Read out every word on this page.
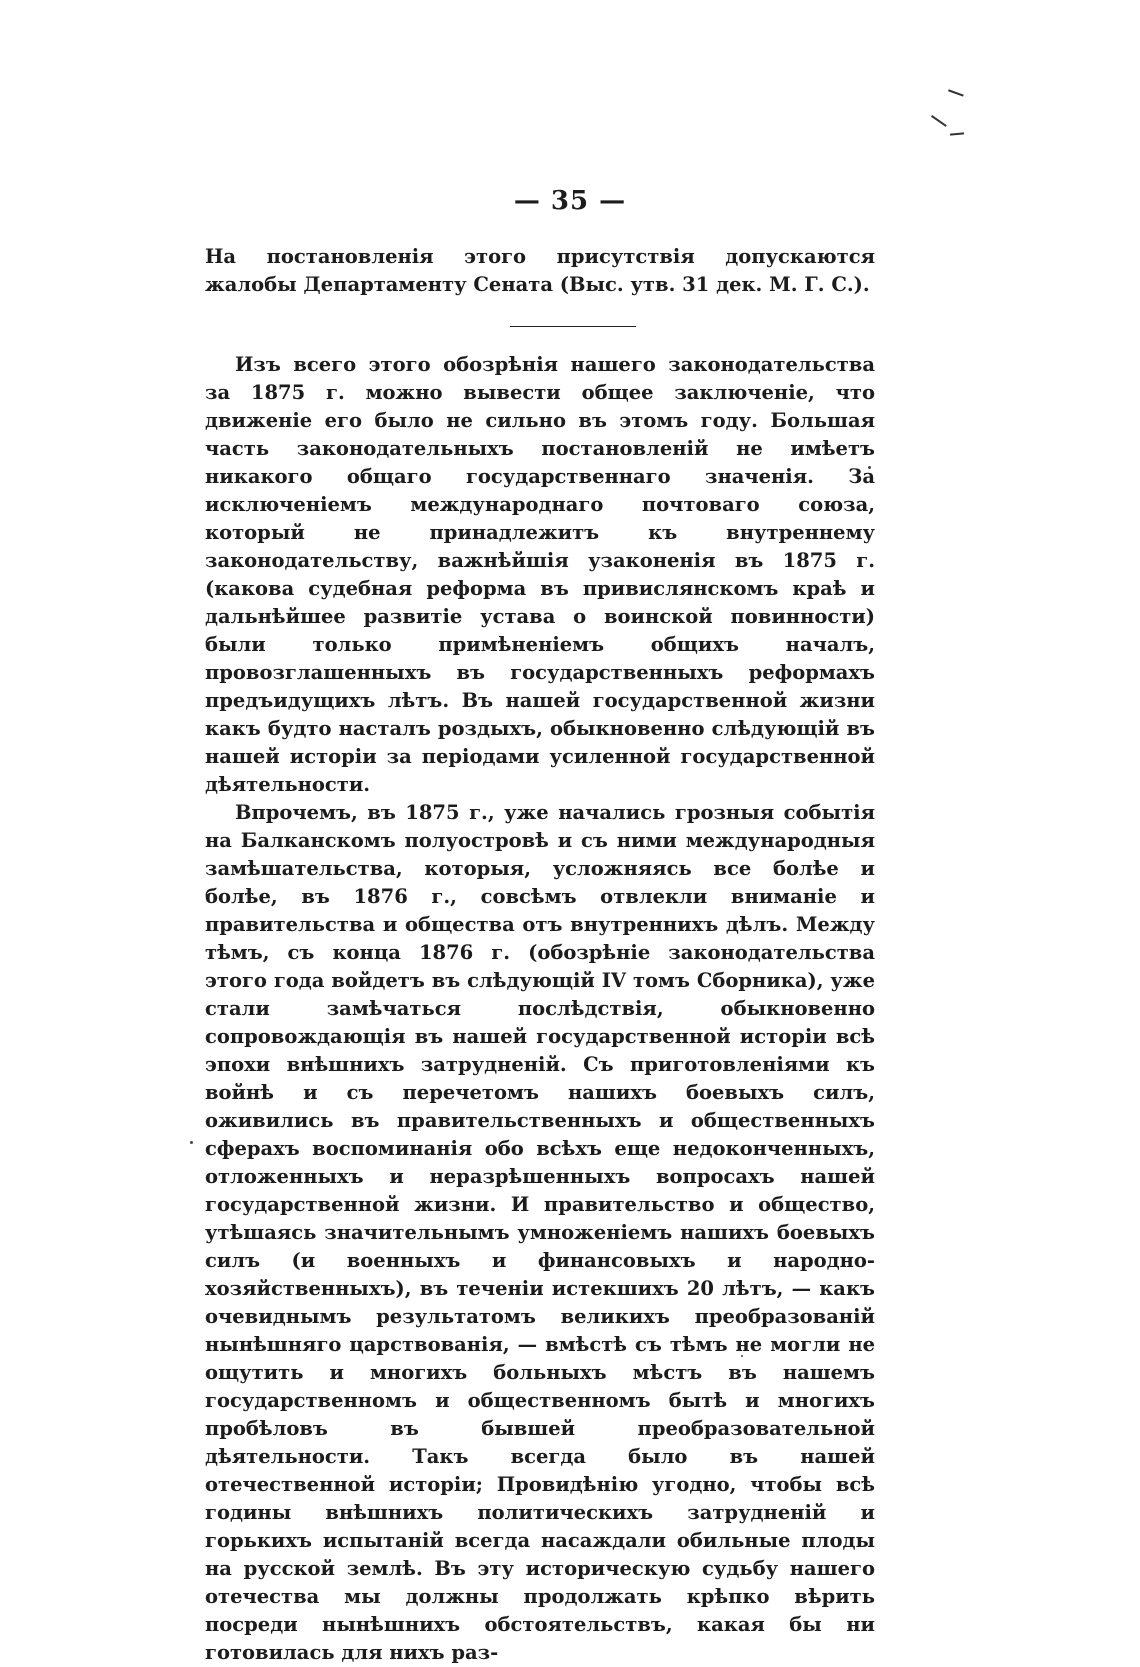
— 35 —
На постановленія этого присутствія допускаются жалобы Департаменту Сената (Выс. утв. 31 дек. М. Г. С.).

Изъ всего этого обозрѣнія нашего законодательства за 1875 г. можно вывести общее заключеніе, что движеніе его было не сильно въ этомъ году. Большая часть законодательныхъ постановленій не имѣетъ никакого общаго государственнаго значенія. За исключеніемъ международнаго почтоваго союза, который не принадлежитъ къ внутреннему законодательству, важнѣйшія узаконенія въ 1875 г. (какова судебная реформа въ привислянскомъ краѣ и дальнѣйшее развитіе устава о воинской повинности) были только примѣненіемъ общихъ началъ, провозглашенныхъ въ государственныхъ реформахъ предъидущихъ лѣтъ. Въ нашей государственной жизни какъ будто насталъ роздыхъ, обыкновенно слѣдующій въ нашей исторіи за періодами усиленной государственной дѣятельности.

Впрочемъ, въ 1875 г., уже начались грозныя событія на Балканскомъ полуостровѣ и съ ними международныя замѣшательства, которыя, усложняясь все болѣе и болѣе, въ 1876 г., совсѣмъ отвлекли вниманіе и правительства и общества отъ внутреннихъ дѣлъ. Между тѣмъ, съ конца 1876 г. (обозрѣніе законодательства этого года войдетъ въ слѣдующій IV томъ Сборника), уже стали замѣчаться послѣдствія, обыкновенно сопровождающія въ нашей государственной исторіи всѣ эпохи внѣшнихъ затрудненій. Съ приготовленіями къ войнѣ и съ перечетомъ нашихъ боевыхъ силъ, оживились въ правительственныхъ и общественныхъ сферахъ воспоминанія обо всѣхъ еще недоконченныхъ, отложенныхъ и неразрѣшенныхъ вопросахъ нашей государственной жизни. И правительство и общество, утѣшаясь значительнымъ умноженіемъ нашихъ боевыхъ силъ (и военныхъ и финансовыхъ и народно-хозяйственныхъ), въ теченіи истекшихъ 20 лѣтъ, — какъ очевиднымъ результатомъ великихъ преобразованій нынѣшняго царствованія, — вмѣстѣ съ тѣмъ не могли не ощутить и многихъ больныхъ мѣстъ въ нашемъ государственномъ и общественномъ бытѣ и многихъ пробѣловъ въ бывшей преобразовательной дѣятельности. Такъ всегда было въ нашей отечественной исторіи; Провидѣнію угодно, чтобы всѣ годины внѣшнихъ политическихъ затрудненій и горькихъ испытаній всегда насаждали обильные плоды на русской землѣ. Въ эту историческую судьбу нашего отечества мы должны продолжать крѣпко вѣрить посреди нынѣшнихъ обстоятельствъ, какая бы ни готовилась для нихъ раз-
